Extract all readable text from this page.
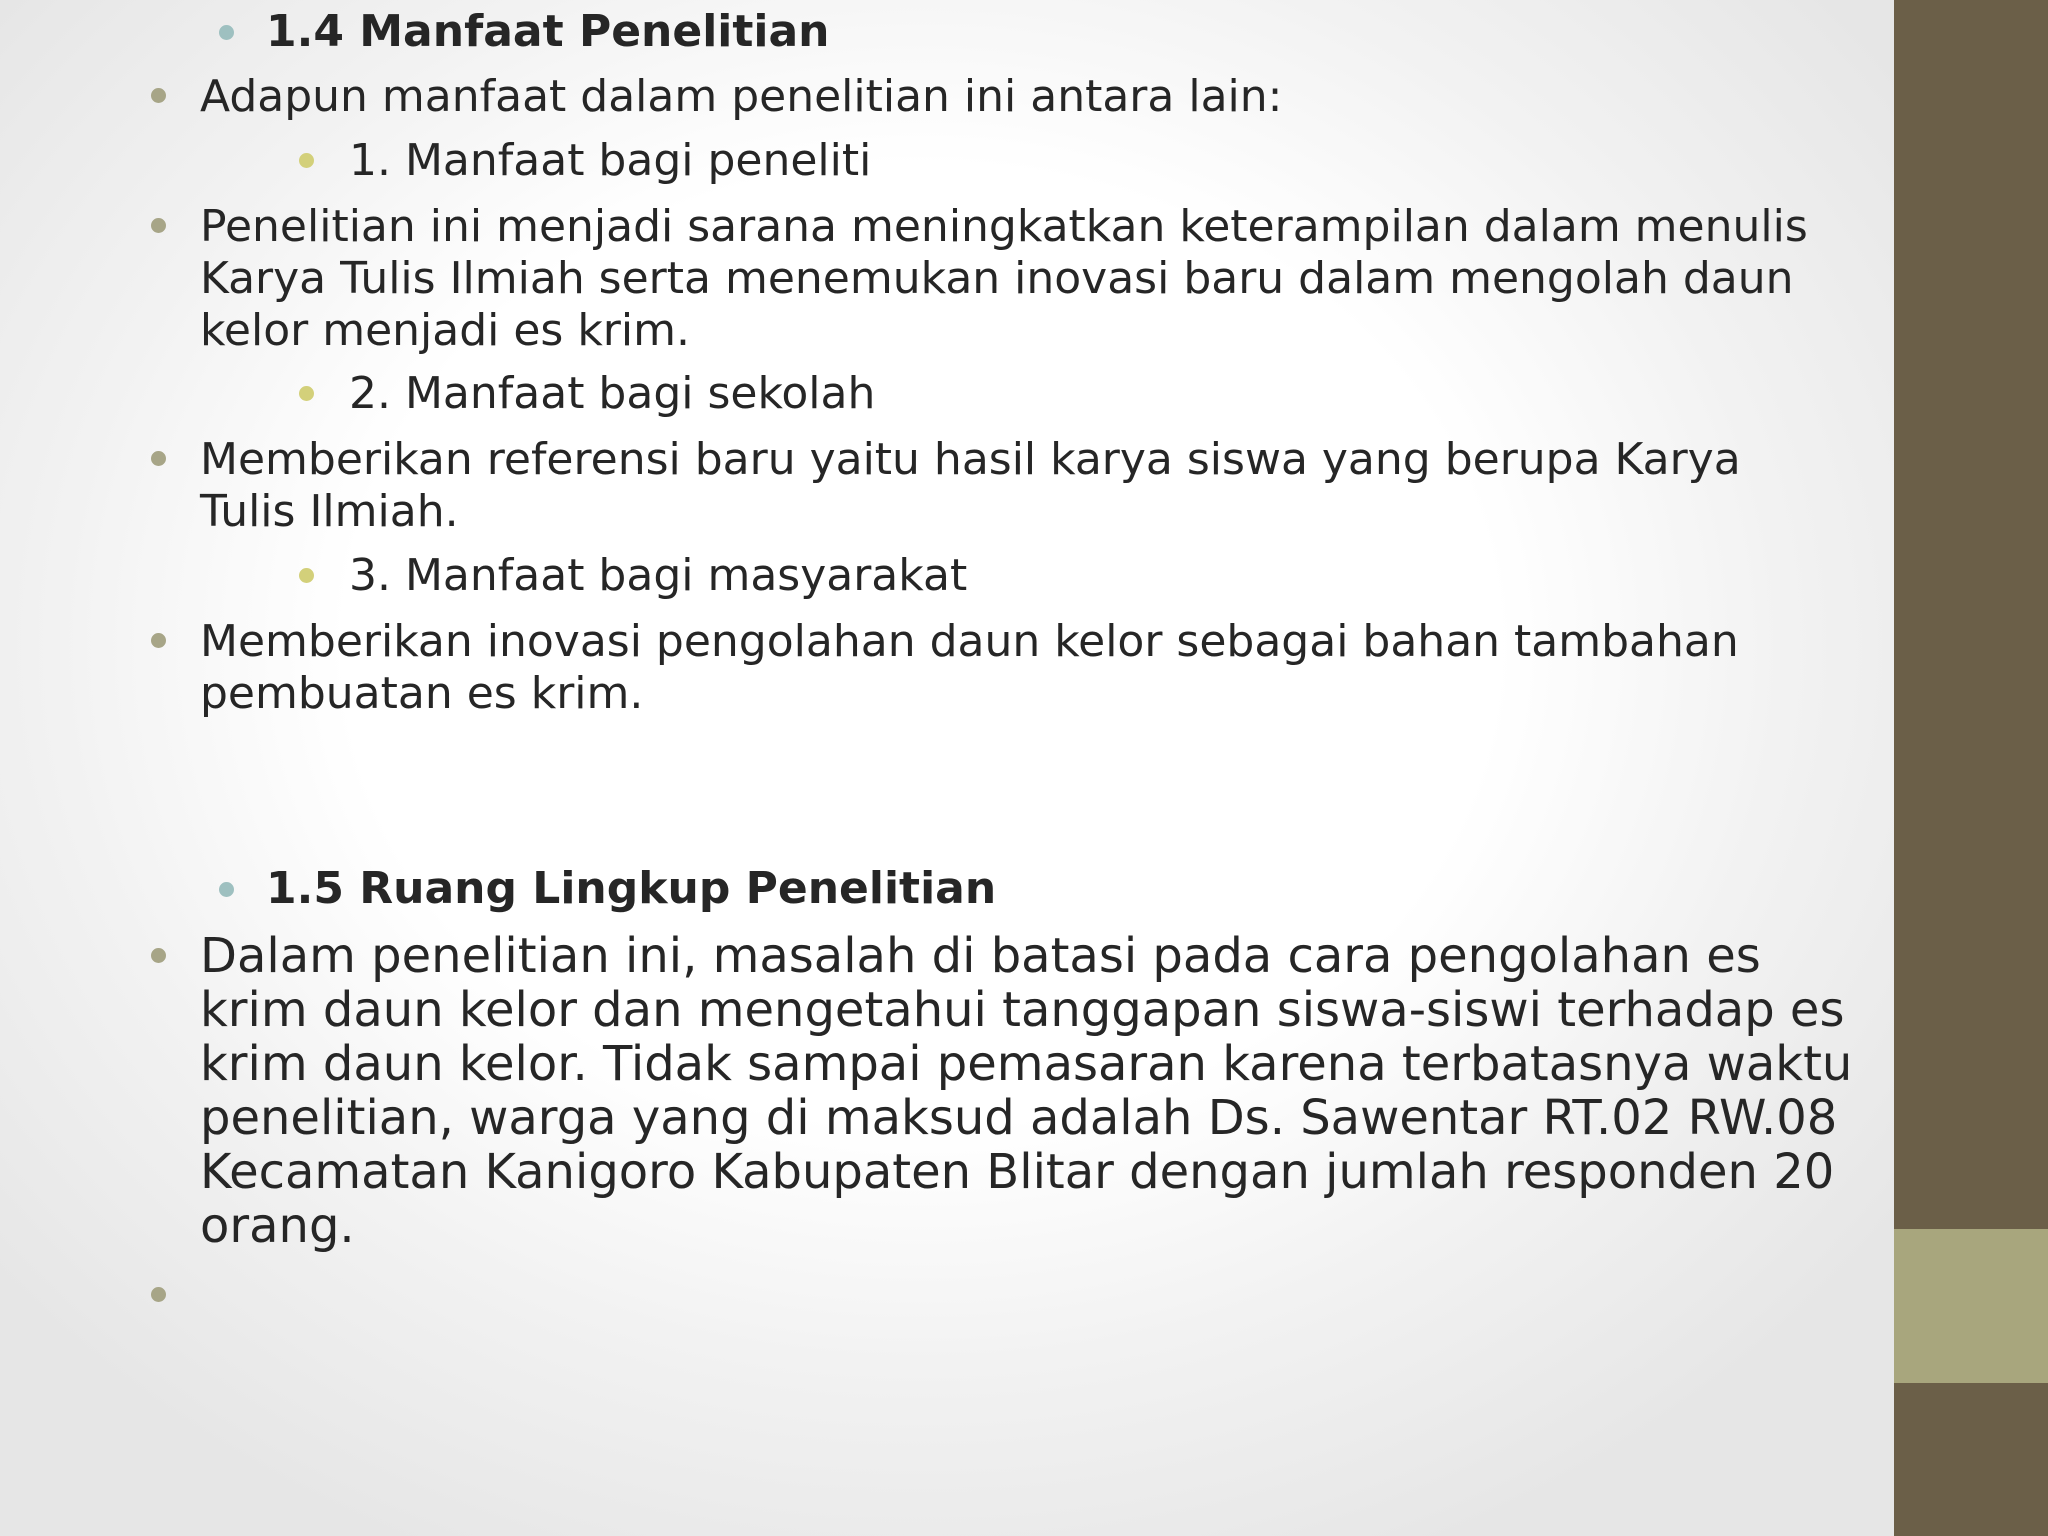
1.4 Manfaat Penelitian
Adapun manfaat dalam penelitian ini antara lain:
1. Manfaat bagi peneliti
Penelitian ini menjadi sarana meningkatkan keterampilan dalam menulis
Karya Tulis Ilmiah serta menemukan inovasi baru dalam mengolah daun
kelor menjadi es krim.
2. Manfaat bagi sekolah
Memberikan referensi baru yaitu hasil karya siswa yang berupa Karya
Tulis Ilmiah.
3. Manfaat bagi masyarakat
Memberikan inovasi pengolahan daun kelor sebagai bahan tambahan
pembuatan es krim.
1.5 Ruang Lingkup Penelitian
Dalam penelitian ini, masalah di batasi pada cara pengolahan es
krim daun kelor dan mengetahui tanggapan siswa-siswi terhadap es
krim daun kelor. Tidak sampai pemasaran karena terbatasnya waktu
penelitian, warga yang di maksud adalah Ds. Sawentar RT.02 RW.08
Kecamatan Kanigoro Kabupaten Blitar dengan jumlah responden 20
orang.
